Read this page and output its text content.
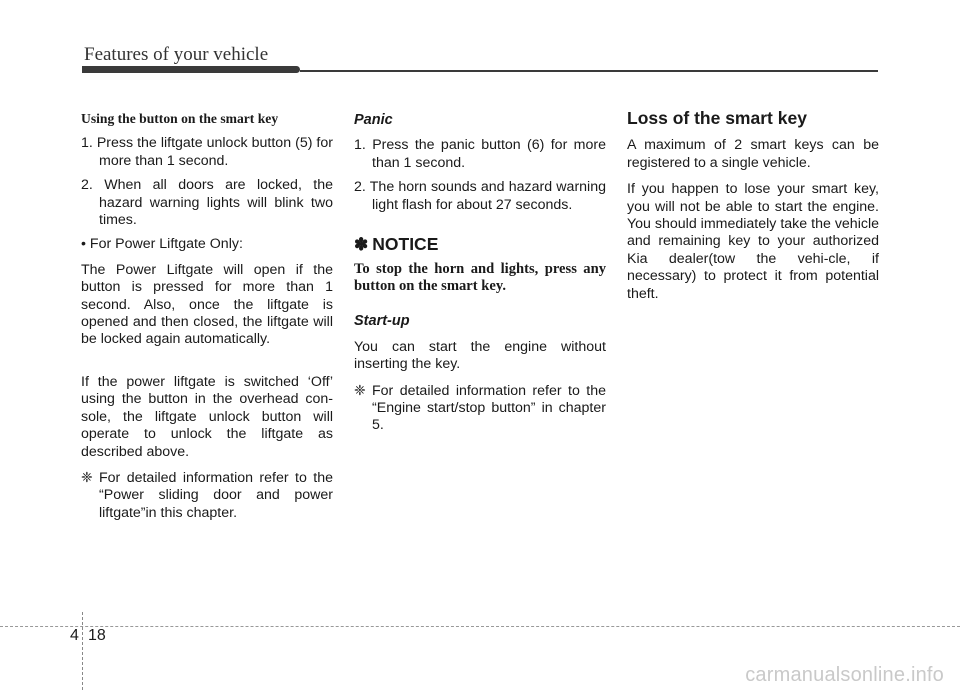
Features of your vehicle
Using the button on the smart key
1. Press the liftgate unlock button (5) for more than 1 second.
2. When all doors are locked, the hazard warning lights will blink two times.
• For Power Liftgate Only:

The Power Liftgate will open if the button is pressed for more than 1 second. Also, once the liftgate is opened and then closed, the liftgate will be locked again automatically.

If the power liftgate is switched ‘Off’ using the button in the overhead con-sole, the liftgate unlock button will operate to unlock the liftgate as described above.

❈ For detailed information refer to the “Power sliding door and power liftgate”in this chapter.
Panic
1. Press the panic button (6) for more than 1 second.
2. The horn sounds and hazard warning light flash for about 27 seconds.
✽ NOTICE
To stop the horn and lights, press any button on the smart key.
Start-up

You can start the engine without inserting the key.

❈ For detailed information refer to the “Engine start/stop button” in chapter 5.
Loss of the smart key

A maximum of 2 smart keys can be registered to a single vehicle.

If you happen to lose your smart key, you will not be able to start the engine. You should immediately take the vehicle and remaining key to your authorized Kia dealer(tow the vehi-cle, if necessary) to protect it from potential theft.

4 18
carmanualsonline.info
